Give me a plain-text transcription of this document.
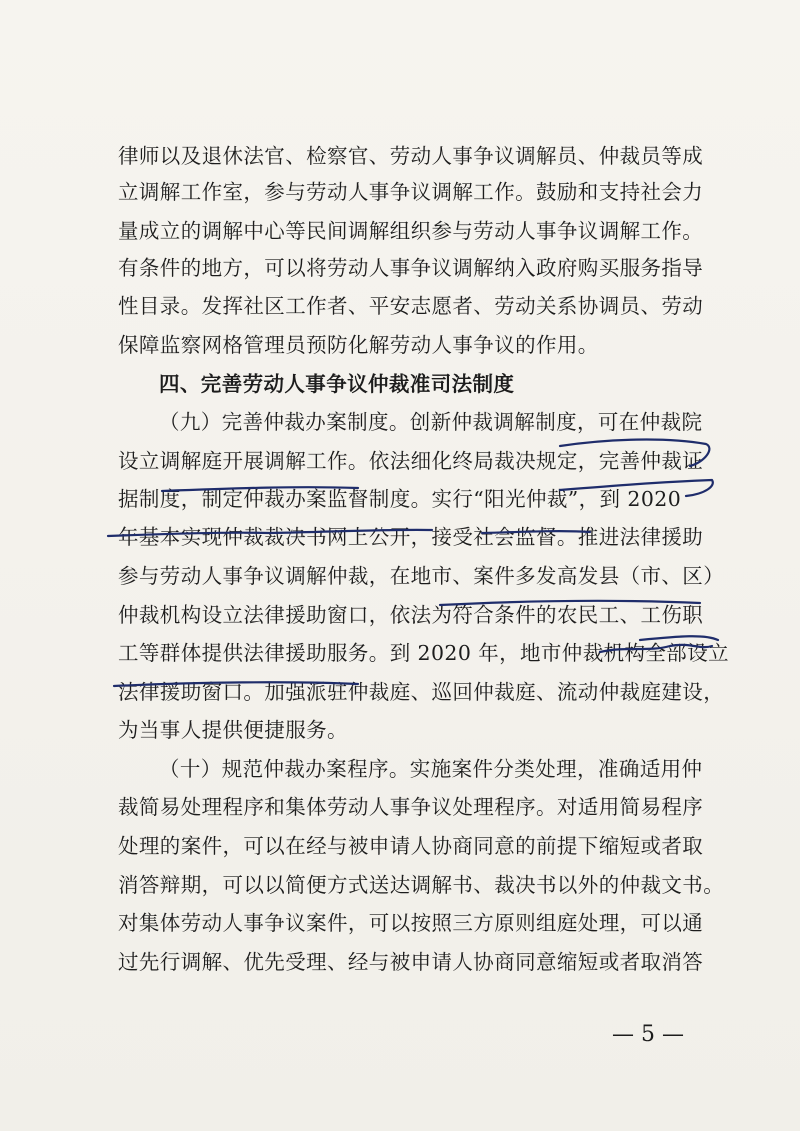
律师以及退休法官、检察官、劳动人事争议调解员、仲裁员等成
立调解工作室，参与劳动人事争议调解工作。鼓励和支持社会力
量成立的调解中心等民间调解组织参与劳动人事争议调解工作。
有条件的地方，可以将劳动人事争议调解纳入政府购买服务指导
性目录。发挥社区工作者、平安志愿者、劳动关系协调员、劳动
保障监察网格管理员预防化解劳动人事争议的作用。
四、完善劳动人事争议仲裁准司法制度
（九）完善仲裁办案制度。创新仲裁调解制度，可在仲裁院
设立调解庭开展调解工作。依法细化终局裁决规定，完善仲裁证
据制度，制定仲裁办案监督制度。实行“阳光仲裁”，到 2020
年基本实现仲裁裁决书网上公开，接受社会监督。推进法律援助
参与劳动人事争议调解仲裁，在地市、案件多发高发县（市、区）
仲裁机构设立法律援助窗口，依法为符合条件的农民工、工伤职
工等群体提供法律援助服务。到 2020 年，地市仲裁机构全部设立
法律援助窗口。加强派驻仲裁庭、巡回仲裁庭、流动仲裁庭建设，
为当事人提供便捷服务。
（十）规范仲裁办案程序。实施案件分类处理，准确适用仲
裁简易处理程序和集体劳动人事争议处理程序。对适用简易程序
处理的案件，可以在经与被申请人协商同意的前提下缩短或者取
消答辩期，可以以简便方式送达调解书、裁决书以外的仲裁文书。
对集体劳动人事争议案件，可以按照三方原则组庭处理，可以通
过先行调解、优先受理、经与被申请人协商同意缩短或者取消答
— 5 —
